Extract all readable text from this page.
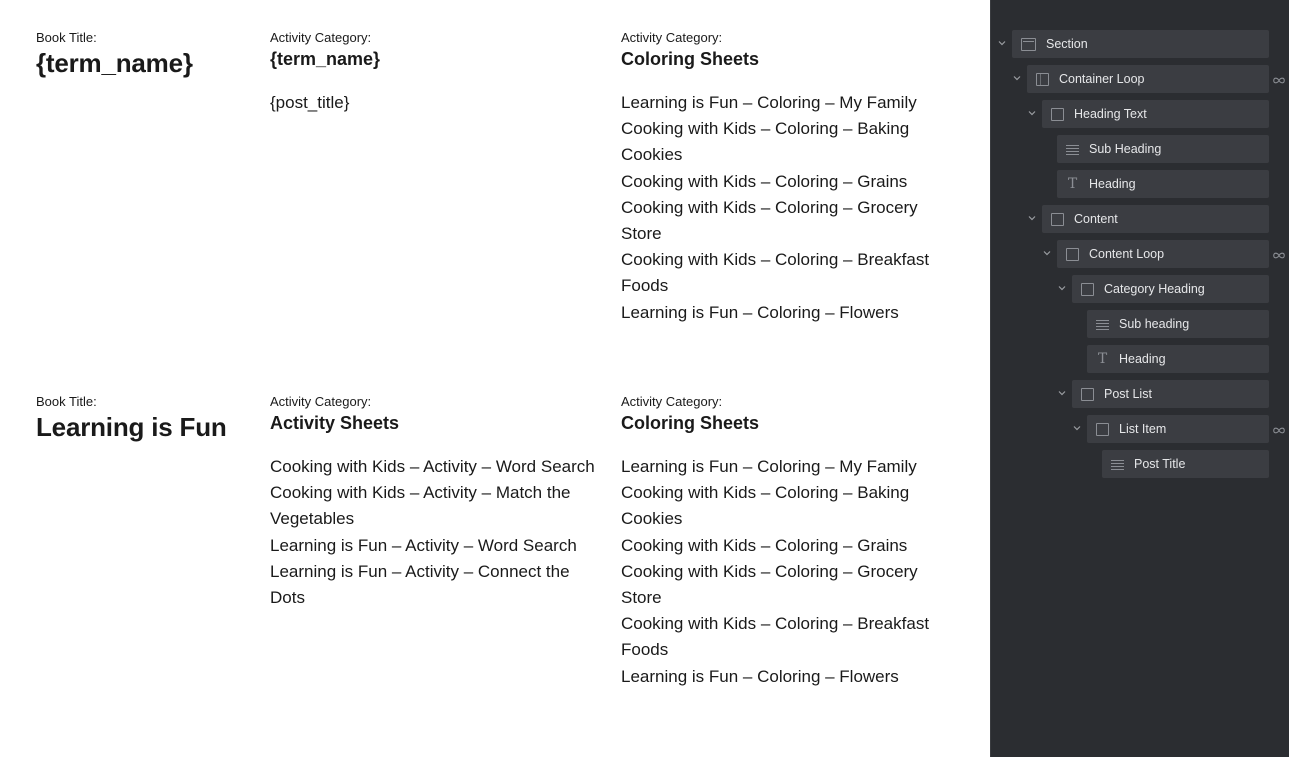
Book Title:
{term_name}
Activity Category:
{term_name}
{post_title}
Activity Category:
Coloring Sheets
Learning is Fun – Coloring – My Family
Cooking with Kids – Coloring – Baking Cookies
Cooking with Kids – Coloring – Grains
Cooking with Kids – Coloring – Grocery Store
Cooking with Kids – Coloring – Breakfast Foods
Learning is Fun – Coloring – Flowers
Book Title:
Learning is Fun
Activity Category:
Activity Sheets
Cooking with Kids – Activity – Word Search
Cooking with Kids – Activity – Match the Vegetables
Learning is Fun – Activity – Word Search
Learning is Fun – Activity – Connect the Dots
Activity Category:
Coloring Sheets
Learning is Fun – Coloring – My Family
Cooking with Kids – Coloring – Baking Cookies
Cooking with Kids – Coloring – Grains
Cooking with Kids – Coloring – Grocery Store
Cooking with Kids – Coloring – Breakfast Foods
Learning is Fun – Coloring – Flowers
Section
Container Loop
Heading Text
Sub Heading
T Heading
Content
Content Loop
Category Heading
Sub heading
T Heading
Post List
List Item
Post Title
